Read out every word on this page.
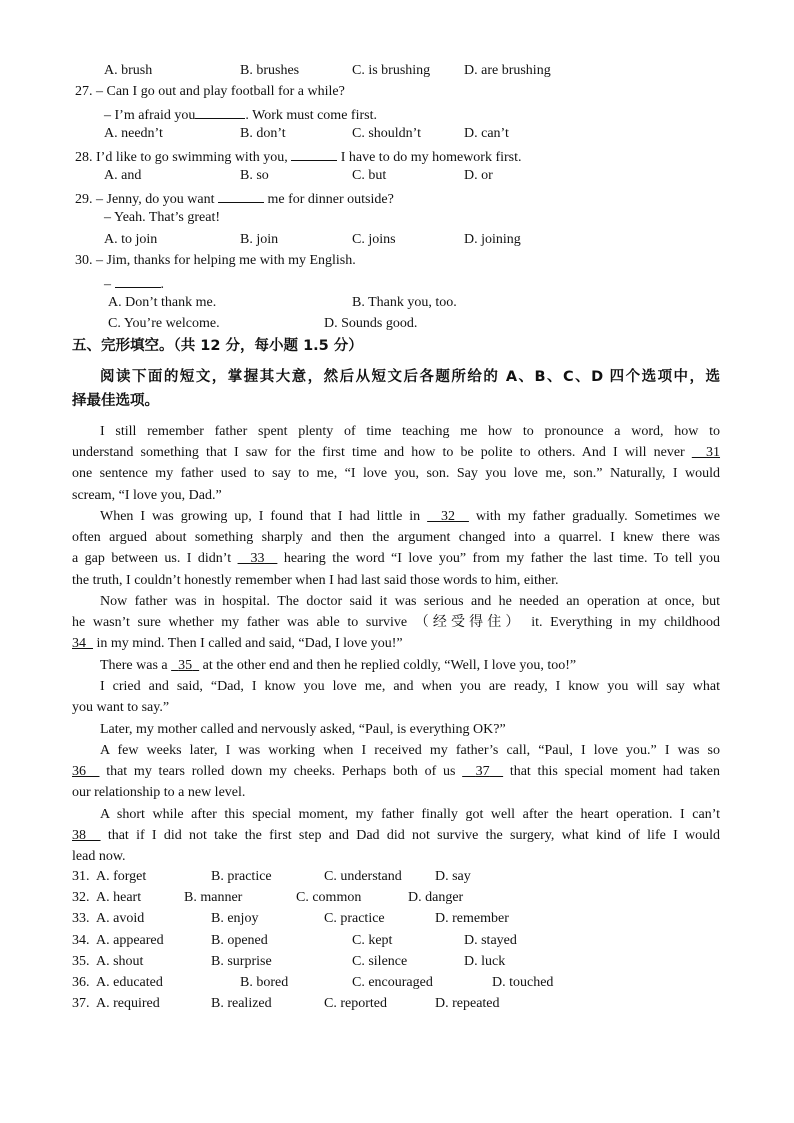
A. brush	B. brushes	C. is brushing D. are brushing
27. – Can I go out and play football for a while?
– I’m afraid you	. Work must come first.
A. needn’t	B. don’t	C. shouldn’t	D. can’t
28. I’d like to go swimming with you,	I have to do my homework first.
A. and	B. so	C. but	D. or
29. – Jenny, do you want	me for dinner outside?
– Yeah. That’s great!
A. to join	B. join	C. joins	D. joining
30. – Jim, thanks for helping me with my English.
–	.
A. Don’t thank me.	B. Thank you, too.
C. You’re welcome.	D. Sounds good.
五、完形填空。（共 12 分，每小题 1.5 分）
阅读下面的短文，掌握其大意，然后从短文后各题所给的 A、B、C、D 四个选项中，选
择最佳选项。
I still remember father spent plenty of time teaching me how to pronounce a word, how to
understand something that I saw for the first time and how to be polite to others. And I will never 31
one sentence my father used to say to me, “I love you, son. Say you love me, son.” Naturally, I would
scream, “I love you, Dad.”
When I was growing up, I found that I had little in 32 with my father gradually. Sometimes we
often argued about something sharply and then the argument changed into a quarrel. I knew there was
a gap between us. I didn’t 33 hearing the word “I love you” from my father the last time. To tell you
the truth, I couldn’t honestly remember when I had last said those words to him, either.
Now father was in hospital. The doctor said it was serious and he needed an operation at once, but
he wasn’t sure whether my father was able to survive （经受得住） it. Everything in my childhood
34 in my mind. Then I called and said, “Dad, I love you!”
There was a 35 at the other end and then he replied coldly, “Well, I love you, too!”
I cried and said, “Dad, I know you love me, and when you are ready, I know you will say what
you want to say.”
Later, my mother called and nervously asked, “Paul, is everything OK?”
A few weeks later, I was working when I received my father’s call, “Paul, I love you.” I was so
36 that my tears rolled down my cheeks. Perhaps both of us 37 that this special moment had taken
our relationship to a new level.
A short while after this special moment, my father finally got well after the heart operation. I can’t
38 that if I did not take the first step and Dad did not survive the surgery, what kind of life I would
lead now.
31. A. forget	B. practice	C. understand D. say
32. A. heart	B. manner	C. common	D. danger
33. A. avoid	B. enjoy	C. practice	D. remember
34. A. appeared	B. opened	C. kept	D. stayed
35. A. shout	B. surprise	C. silence	D. luck
36. A. educated	B. bored	C. encouraged	D. touched
37. A. required	B. realized	C. reported	D. repeated
